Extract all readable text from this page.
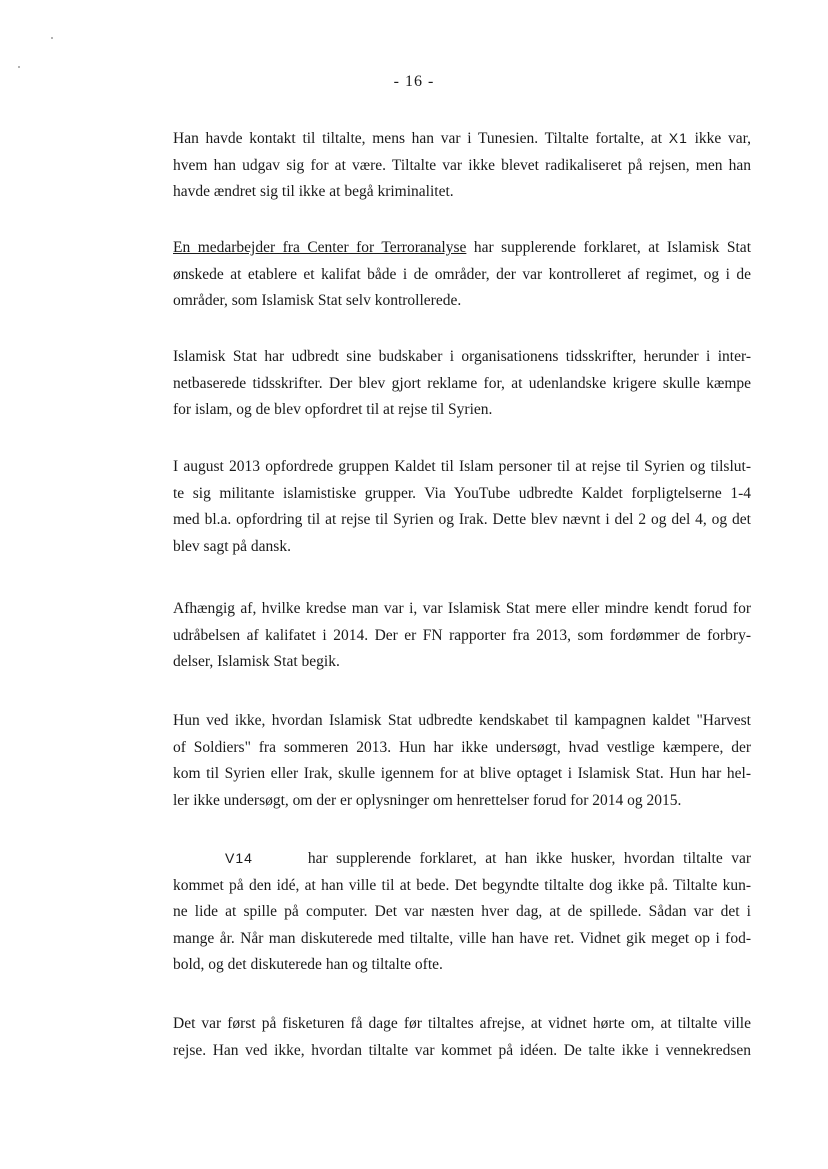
- 16 -
Han havde kontakt til tiltalte, mens han var i Tunesien. Tiltalte fortalte, at X1 ikke var,
hvem han udgav sig for at være. Tiltalte var ikke blevet radikaliseret på rejsen, men han
havde ændret sig til ikke at begå kriminalitet.
En medarbejder fra Center for Terroranalyse har supplerende forklaret, at Islamisk Stat
ønskede at etablere et kalifat både i de områder, der var kontrolleret af regimet, og i de
områder, som Islamisk Stat selv kontrollerede.
Islamisk Stat har udbredt sine budskaber i organisationens tidsskrifter, herunder i inter-
netbaserede tidsskrifter. Der blev gjort reklame for, at udenlandske krigere skulle kæmpe
for islam, og de blev opfordret til at rejse til Syrien.
I august 2013 opfordrede gruppen Kaldet til Islam personer til at rejse til Syrien og tilslut-
te sig militante islamistiske grupper. Via YouTube udbredte Kaldet forpligtelserne 1-4
med bl.a. opfordring til at rejse til Syrien og Irak. Dette blev nævnt i del 2 og del 4, og det
blev sagt på dansk.
Afhængig af, hvilke kredse man var i, var Islamisk Stat mere eller mindre kendt forud for
udråbelsen af kalifatet i 2014. Der er FN rapporter fra 2013, som fordømmer de forbry-
delser, Islamisk Stat begik.
Hun ved ikke, hvordan Islamisk Stat udbredte kendskabet til kampagnen kaldet "Harvest
of Soldiers" fra sommeren 2013. Hun har ikke undersøgt, hvad vestlige kæmpere, der
kom til Syrien eller Irak, skulle igennem for at blive optaget i Islamisk Stat. Hun har hel-
ler ikke undersøgt, om der er oplysninger om henrettelser forud for 2014 og 2015.
V14	har supplerende forklaret, at han ikke husker, hvordan tiltalte var
kommet på den idé, at han ville til at bede. Det begyndte tiltalte dog ikke på. Tiltalte kun-
ne lide at spille på computer. Det var næsten hver dag, at de spillede. Sådan var det i
mange år. Når man diskuterede med tiltalte, ville han have ret. Vidnet gik meget op i fod-
bold, og det diskuterede han og tiltalte ofte.
Det var først på fisketuren få dage før tiltaltes afrejse, at vidnet hørte om, at tiltalte ville
rejse. Han ved ikke, hvordan tiltalte var kommet på idéen. De talte ikke i vennekredsen
